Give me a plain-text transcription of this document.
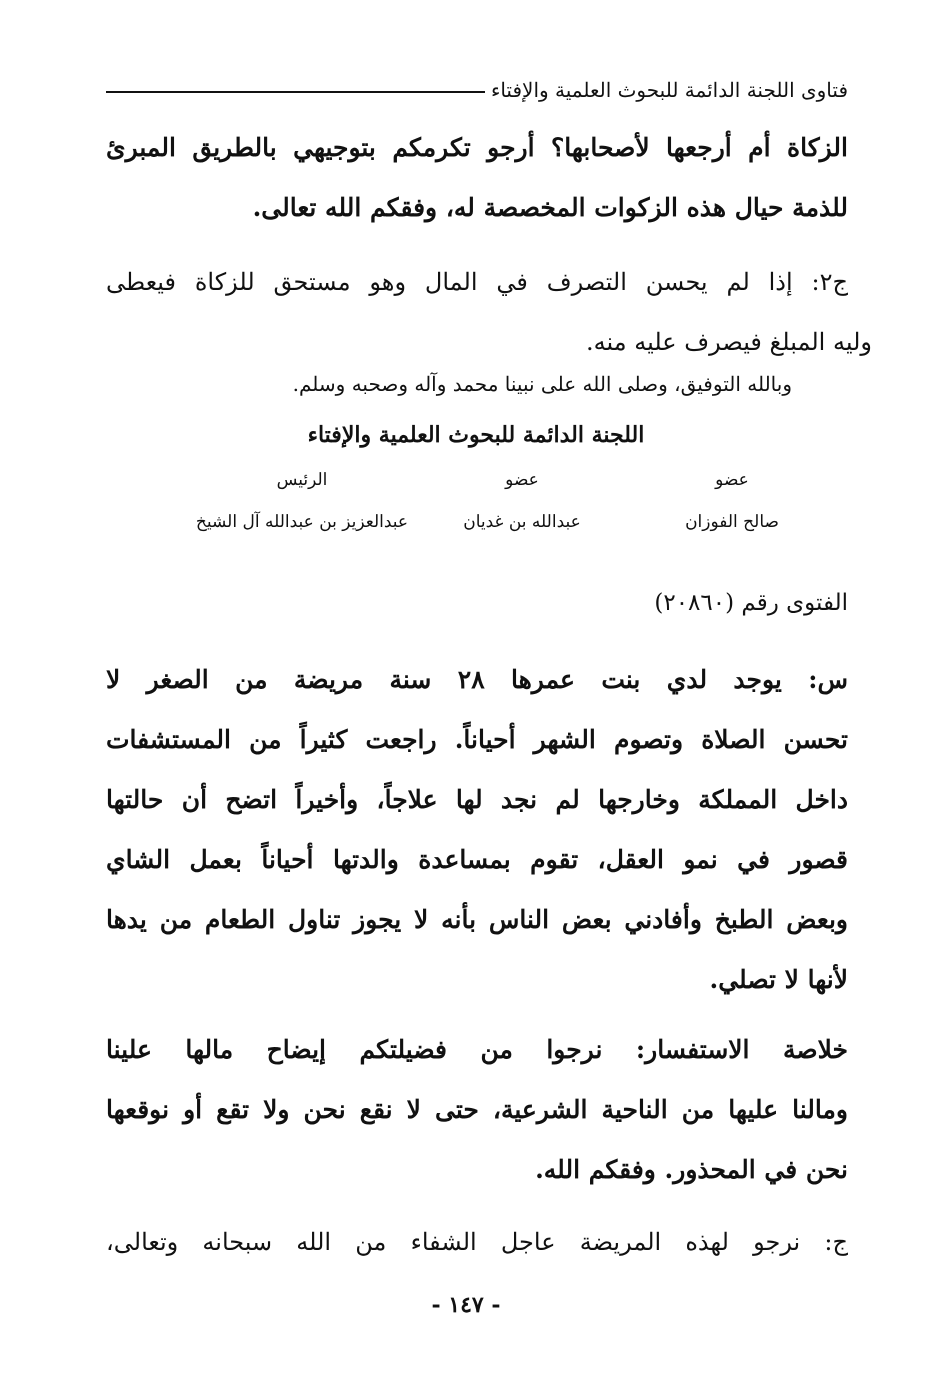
فتاوى اللجنة الدائمة للبحوث العلمية والإفتاء
الزكاة أم أرجعها لأصحابها؟ أرجو تكرمكم بتوجيهي بالطريق المبرئ
للذمة حيال هذه الزكوات المخصصة له، وفقكم الله تعالى.
ج٢: إذا لم يحسن التصرف في المال وهو مستحق للزكاة فيعطى
وليه المبلغ فيصرف عليه منه.
وبالله التوفيق، وصلى الله على نبينا محمد وآله وصحبه وسلم.
اللجنة الدائمة للبحوث العلمية والإفتاء
عضو
صالح الفوزان
عضو
عبدالله بن غديان
الرئيس
عبدالعزيز بن عبدالله آل الشيخ
الفتوى رقم (٢٠٨٦٠)
س: يوجد لدي بنت عمرها ٢٨ سنة مريضة من الصغر لا
تحسن الصلاة وتصوم الشهر أحياناً. راجعت كثيراً من المستشفات
داخل المملكة وخارجها لم نجد لها علاجاً، وأخيراً اتضح أن حالتها
قصور في نمو العقل، تقوم بمساعدة والدتها أحياناً بعمل الشاي
وبعض الطبخ وأفادني بعض الناس بأنه لا يجوز تناول الطعام من يدها
لأنها لا تصلي.
خلاصة الاستفسار: نرجوا من فضيلتكم إيضاح مالها علينا
ومالنا عليها من الناحية الشرعية، حتى لا نقع نحن ولا تقع أو نوقعها
نحن في المحذور. وفقكم الله.
ج: نرجو لهذه المريضة عاجل الشفاء من الله سبحانه وتعالى،
- ١٤٧ -
